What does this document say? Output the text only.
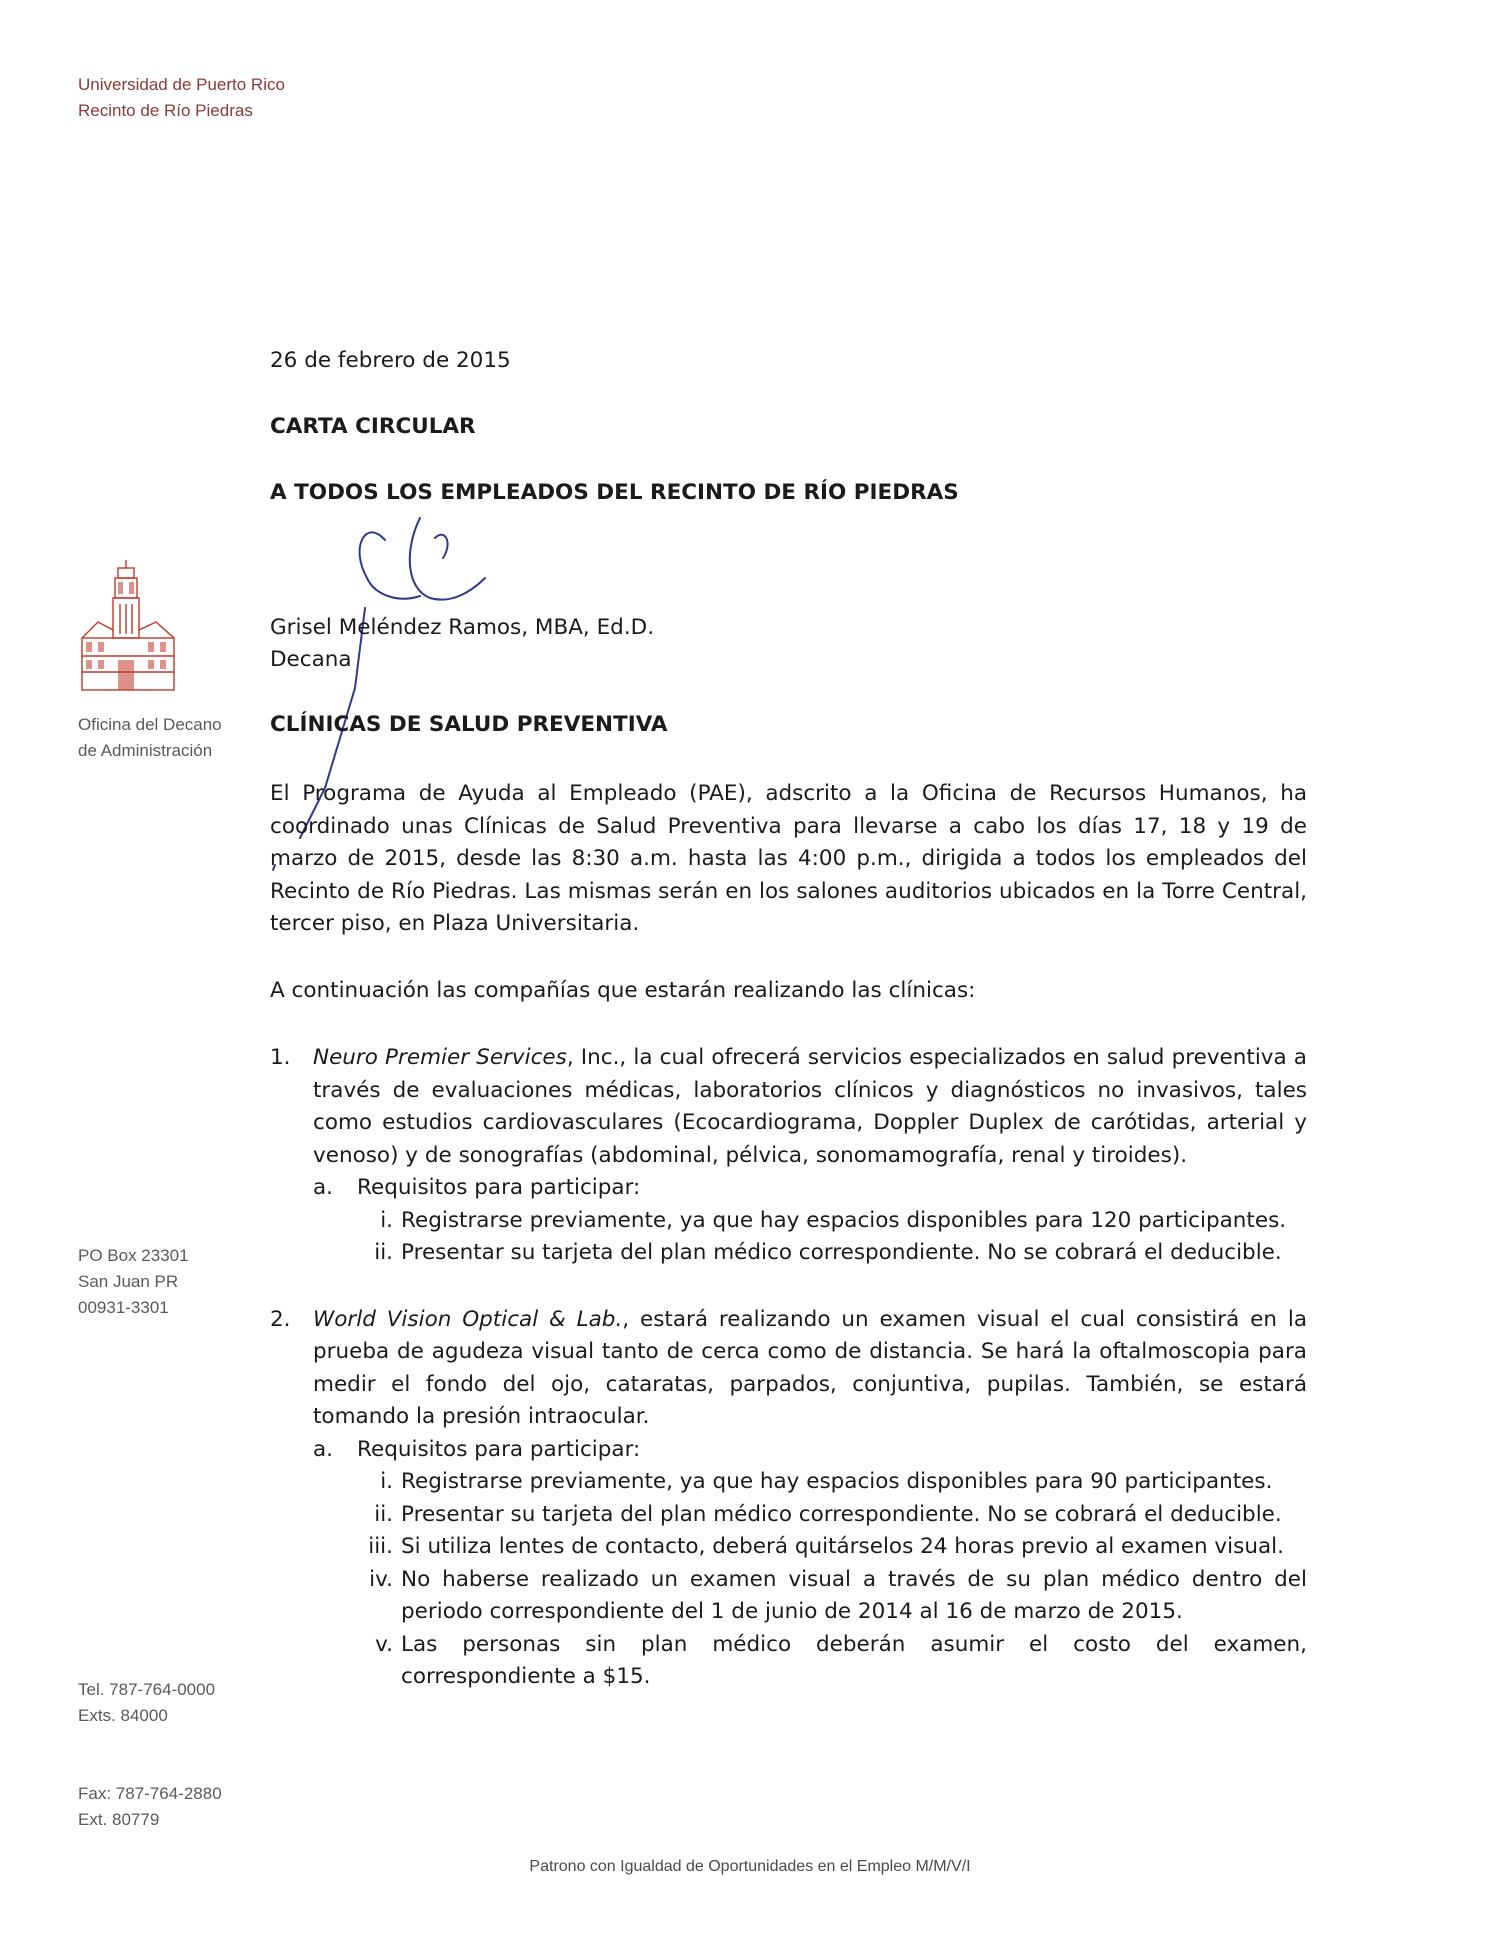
Universidad de Puerto Rico
Recinto de Río Piedras
Oficina del Decano
de Administración
PO Box 23301
San Juan PR
00931-3301
Tel. 787-764-0000
Exts. 84000
Fax: 787-764-2880
Ext. 80779
26 de febrero de 2015
CARTA CIRCULAR
A TODOS LOS EMPLEADOS DEL RECINTO DE RÍO PIEDRAS
Grisel Meléndez Ramos, MBA, Ed.D.
Decana
CLÍNICAS DE SALUD PREVENTIVA
El Programa de Ayuda al Empleado (PAE), adscrito a la Oficina de Recursos Humanos, ha coordinado unas Clínicas de Salud Preventiva para llevarse a cabo los días 17, 18 y 19 de marzo de 2015, desde las 8:30 a.m. hasta las 4:00 p.m., dirigida a todos los empleados del Recinto de Río Piedras. Las mismas serán en los salones auditorios ubicados en la Torre Central, tercer piso, en Plaza Universitaria.
A continuación las compañías que estarán realizando las clínicas:
1. Neuro Premier Services, Inc., la cual ofrecerá servicios especializados en salud preventiva a través de evaluaciones médicas, laboratorios clínicos y diagnósticos no invasivos, tales como estudios cardiovasculares (Ecocardiograma, Doppler Duplex de carótidas, arterial y venoso) y de sonografías (abdominal, pélvica, sonomamografía, renal y tiroides).
a. Requisitos para participar:
i. Registrarse previamente, ya que hay espacios disponibles para 120 participantes.
ii. Presentar su tarjeta del plan médico correspondiente. No se cobrará el deducible.
2. World Vision Optical & Lab., estará realizando un examen visual el cual consistirá en la prueba de agudeza visual tanto de cerca como de distancia. Se hará la oftalmoscopia para medir el fondo del ojo, cataratas, parpados, conjuntiva, pupilas. También, se estará tomando la presión intraocular.
a. Requisitos para participar:
i. Registrarse previamente, ya que hay espacios disponibles para 90 participantes.
ii. Presentar su tarjeta del plan médico correspondiente. No se cobrará el deducible.
iii. Si utiliza lentes de contacto, deberá quitárselos 24 horas previo al examen visual.
iv. No haberse realizado un examen visual a través de su plan médico dentro del periodo correspondiente del 1 de junio de 2014 al 16 de marzo de 2015.
v. Las personas sin plan médico deberán asumir el costo del examen, correspondiente a $15.
Patrono con Igualdad de Oportunidades en el Empleo M/M/V/I
